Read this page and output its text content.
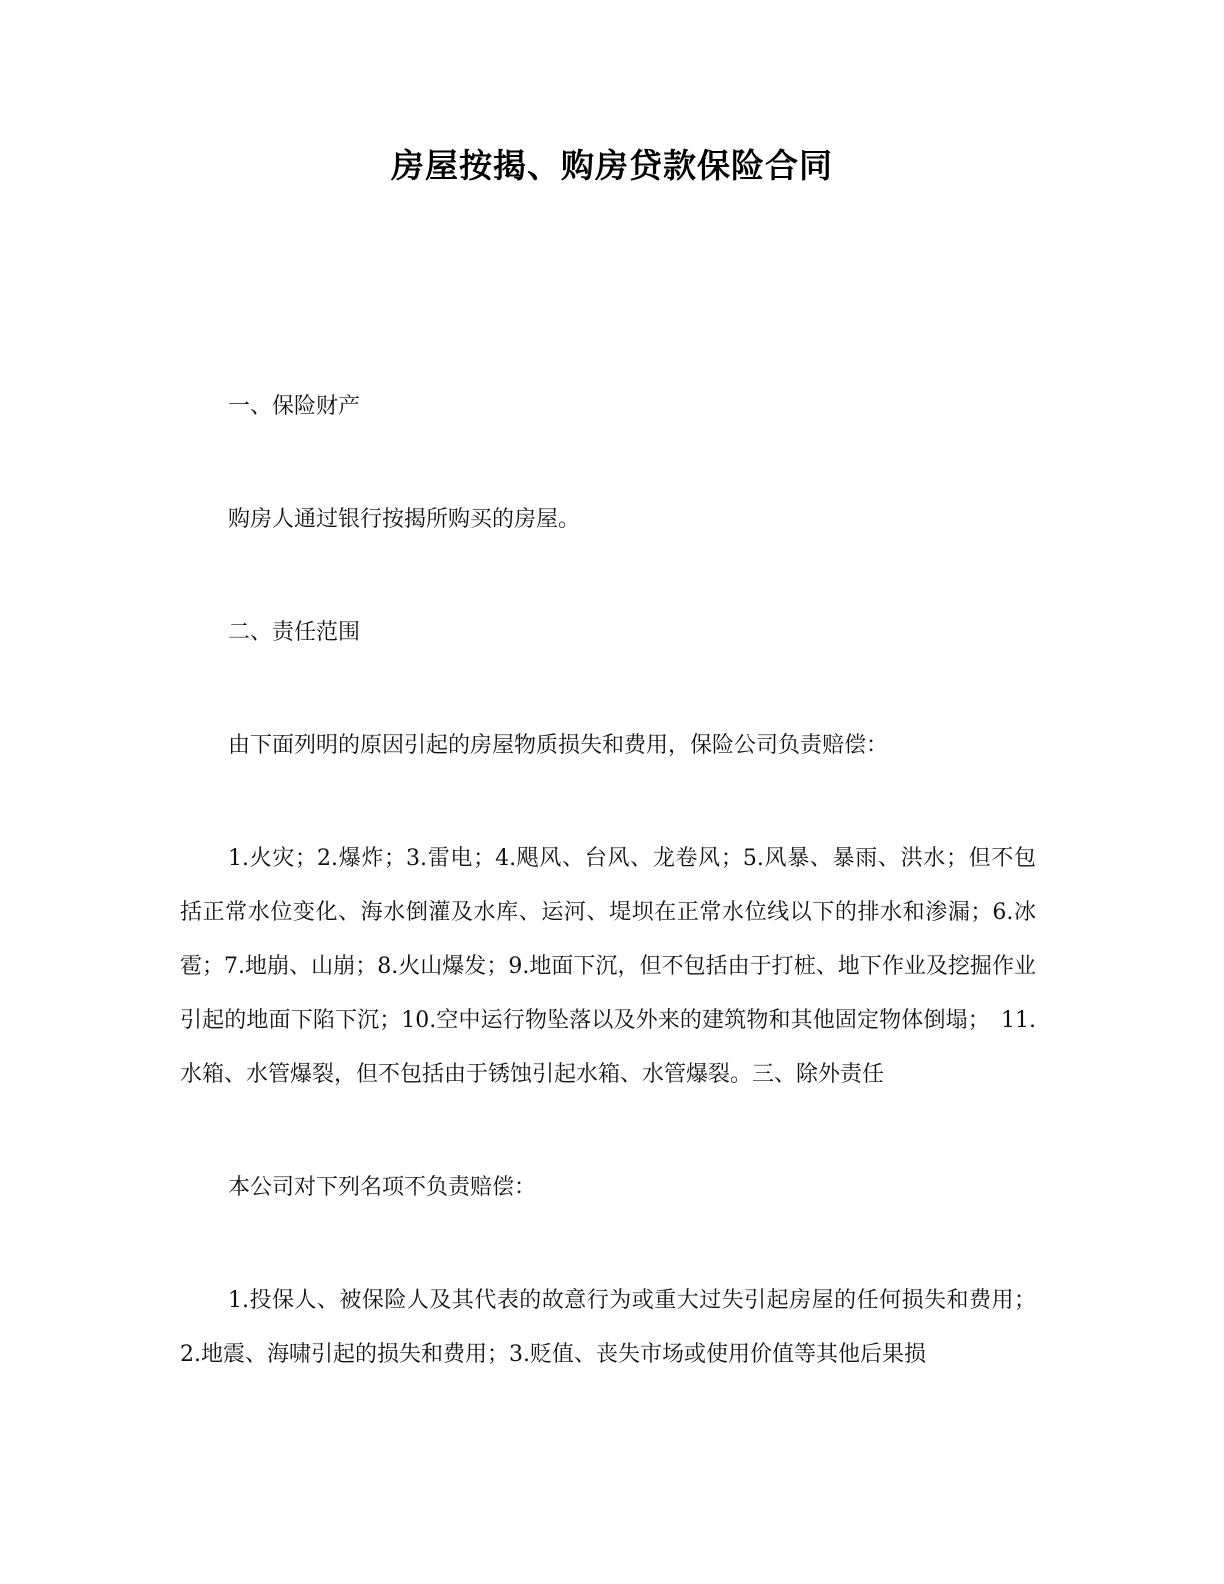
房屋按揭、购房贷款保险合同

一、保险财产

购房人通过银行按揭所购买的房屋。

二、责任范围

由下面列明的原因引起的房屋物质损失和费用，保险公司负责赔偿：

1.火灾；2.爆炸；3.雷电；4.飓风、台风、龙卷风；5.风暴、暴雨、洪水；但不包括正常水位变化、海水倒灌及水库、运河、堤坝在正常水位线以下的排水和渗漏；6.冰雹；7.地崩、山崩；8.火山爆发；9.地面下沉，但不包括由于打桩、地下作业及挖掘作业引起的地面下陷下沉；10.空中运行物坠落以及外来的建筑物和其他固定物体倒塌；　11.水箱、水管爆裂，但不包括由于锈蚀引起水箱、水管爆裂。三、除外责任

本公司对下列名项不负责赔偿：

1.投保人、被保险人及其代表的故意行为或重大过失引起房屋的任何损失和费用；2.地震、海啸引起的损失和费用；3.贬值、丧失市场或使用价值等其他后果损
